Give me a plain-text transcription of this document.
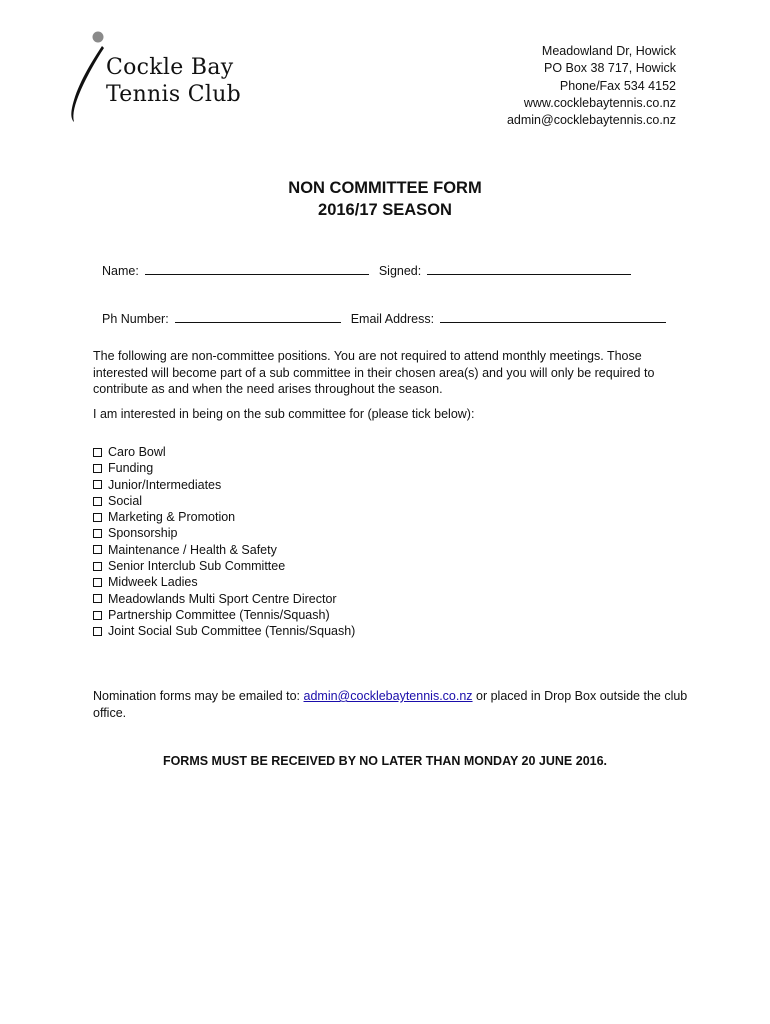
Cockle Bay
Tennis Club
Meadowland Dr, Howick
PO Box 38 717, Howick
Phone/Fax 534 4152
www.cocklebaytennis.co.nz
admin@cocklebaytennis.co.nz
NON COMMITTEE FORM
2016/17 SEASON
Name:	Signed:
Ph Number:	Email Address:
The following are non-committee positions. You are not required to attend monthly meetings. Those interested will become part of a sub committee in their chosen area(s) and you will only be required to contribute as and when the need arises throughout the season.
I am interested in being on the sub committee for (please tick below):
Caro Bowl
Funding
Junior/Intermediates
Social
Marketing & Promotion
Sponsorship
Maintenance / Health & Safety
Senior Interclub Sub Committee
Midweek Ladies
Meadowlands Multi Sport Centre Director
Partnership Committee (Tennis/Squash)
Joint Social Sub Committee (Tennis/Squash)
Nomination forms may be emailed to: admin@cocklebaytennis.co.nz or placed in Drop Box outside the club office.
FORMS MUST BE RECEIVED BY NO LATER THAN MONDAY 20 JUNE 2016.
